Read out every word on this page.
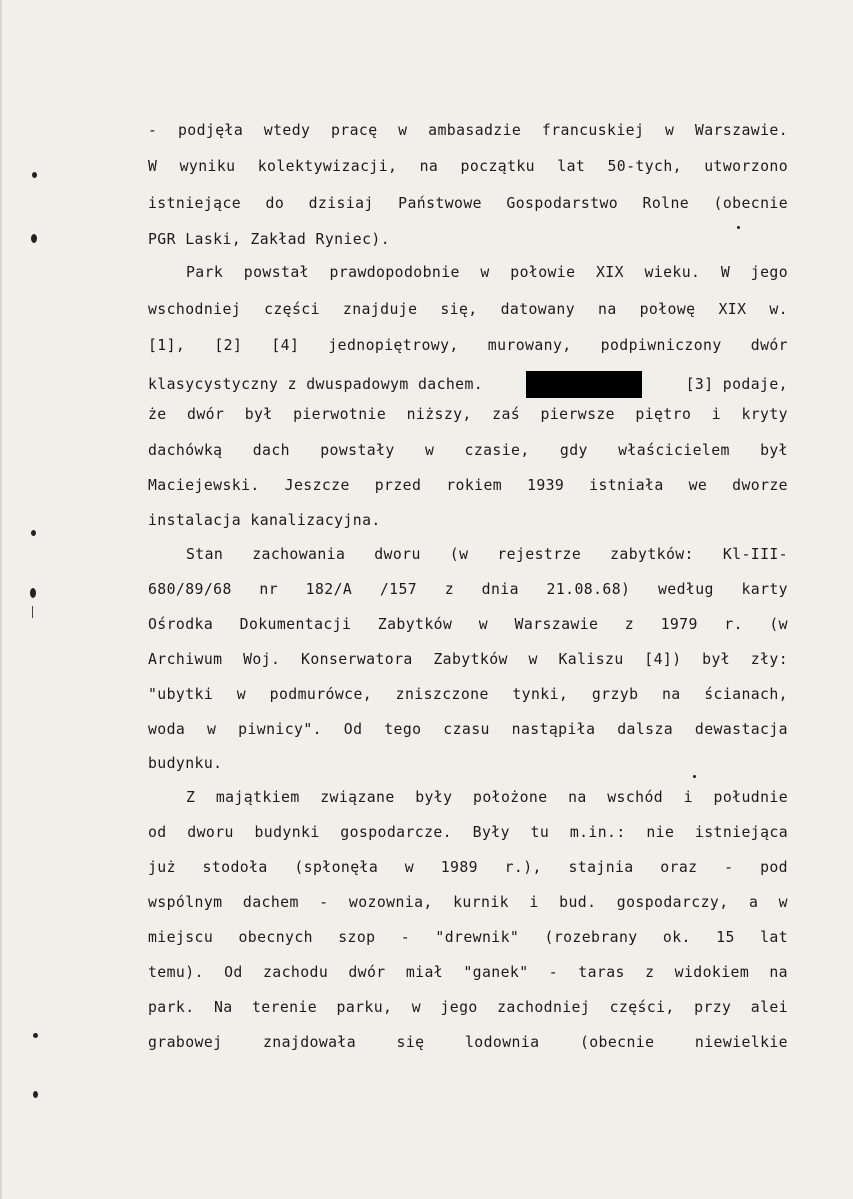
- podjęła wtedy pracę w ambasadzie francuskiej w Warszawie.
W wyniku kolektywizacji, na początku lat 50-tych, utworzono
istniejące do dzisiaj Państwowe Gospodarstwo Rolne (obecnie
PGR Laski, Zakład Ryniec).
Park powstał prawdopodobnie w połowie XIX wieku. W jego
wschodniej części znajduje się, datowany na połowę XIX w.
[1], [2] [4] jednopiętrowy, murowany, podpiwniczony dwór
klasycystyczny z dwuspadowym dachem.	[3] podaje,
że dwór był pierwotnie niższy, zaś pierwsze piętro i kryty
dachówką dach powstały w czasie, gdy właścicielem był
Maciejewski. Jeszcze przed rokiem 1939 istniała we dworze
instalacja kanalizacyjna.
Stan zachowania dworu (w rejestrze zabytków: Kl-III-
680/89/68 nr 182/A /157 z dnia 21.08.68) według karty
Ośrodka Dokumentacji Zabytków w Warszawie z 1979 r. (w
Archiwum Woj. Konserwatora Zabytków w Kaliszu [4]) był zły:
"ubytki w podmurówce, zniszczone tynki, grzyb na ścianach,
woda w piwnicy". Od tego czasu nastąpiła dalsza dewastacja
budynku.
Z majątkiem związane były położone na wschód i południe
od dworu budynki gospodarcze. Były tu m.in.: nie istniejąca
już stodoła (spłonęła w 1989 r.), stajnia oraz - pod
wspólnym dachem - wozownia, kurnik i bud. gospodarczy, a w
miejscu obecnych szop - "drewnik" (rozebrany ok. 15 lat
temu). Od zachodu dwór miał "ganek" - taras z widokiem na
park. Na terenie parku, w jego zachodniej części, przy alei
grabowej znajdowała się lodownia (obecnie niewielkie
